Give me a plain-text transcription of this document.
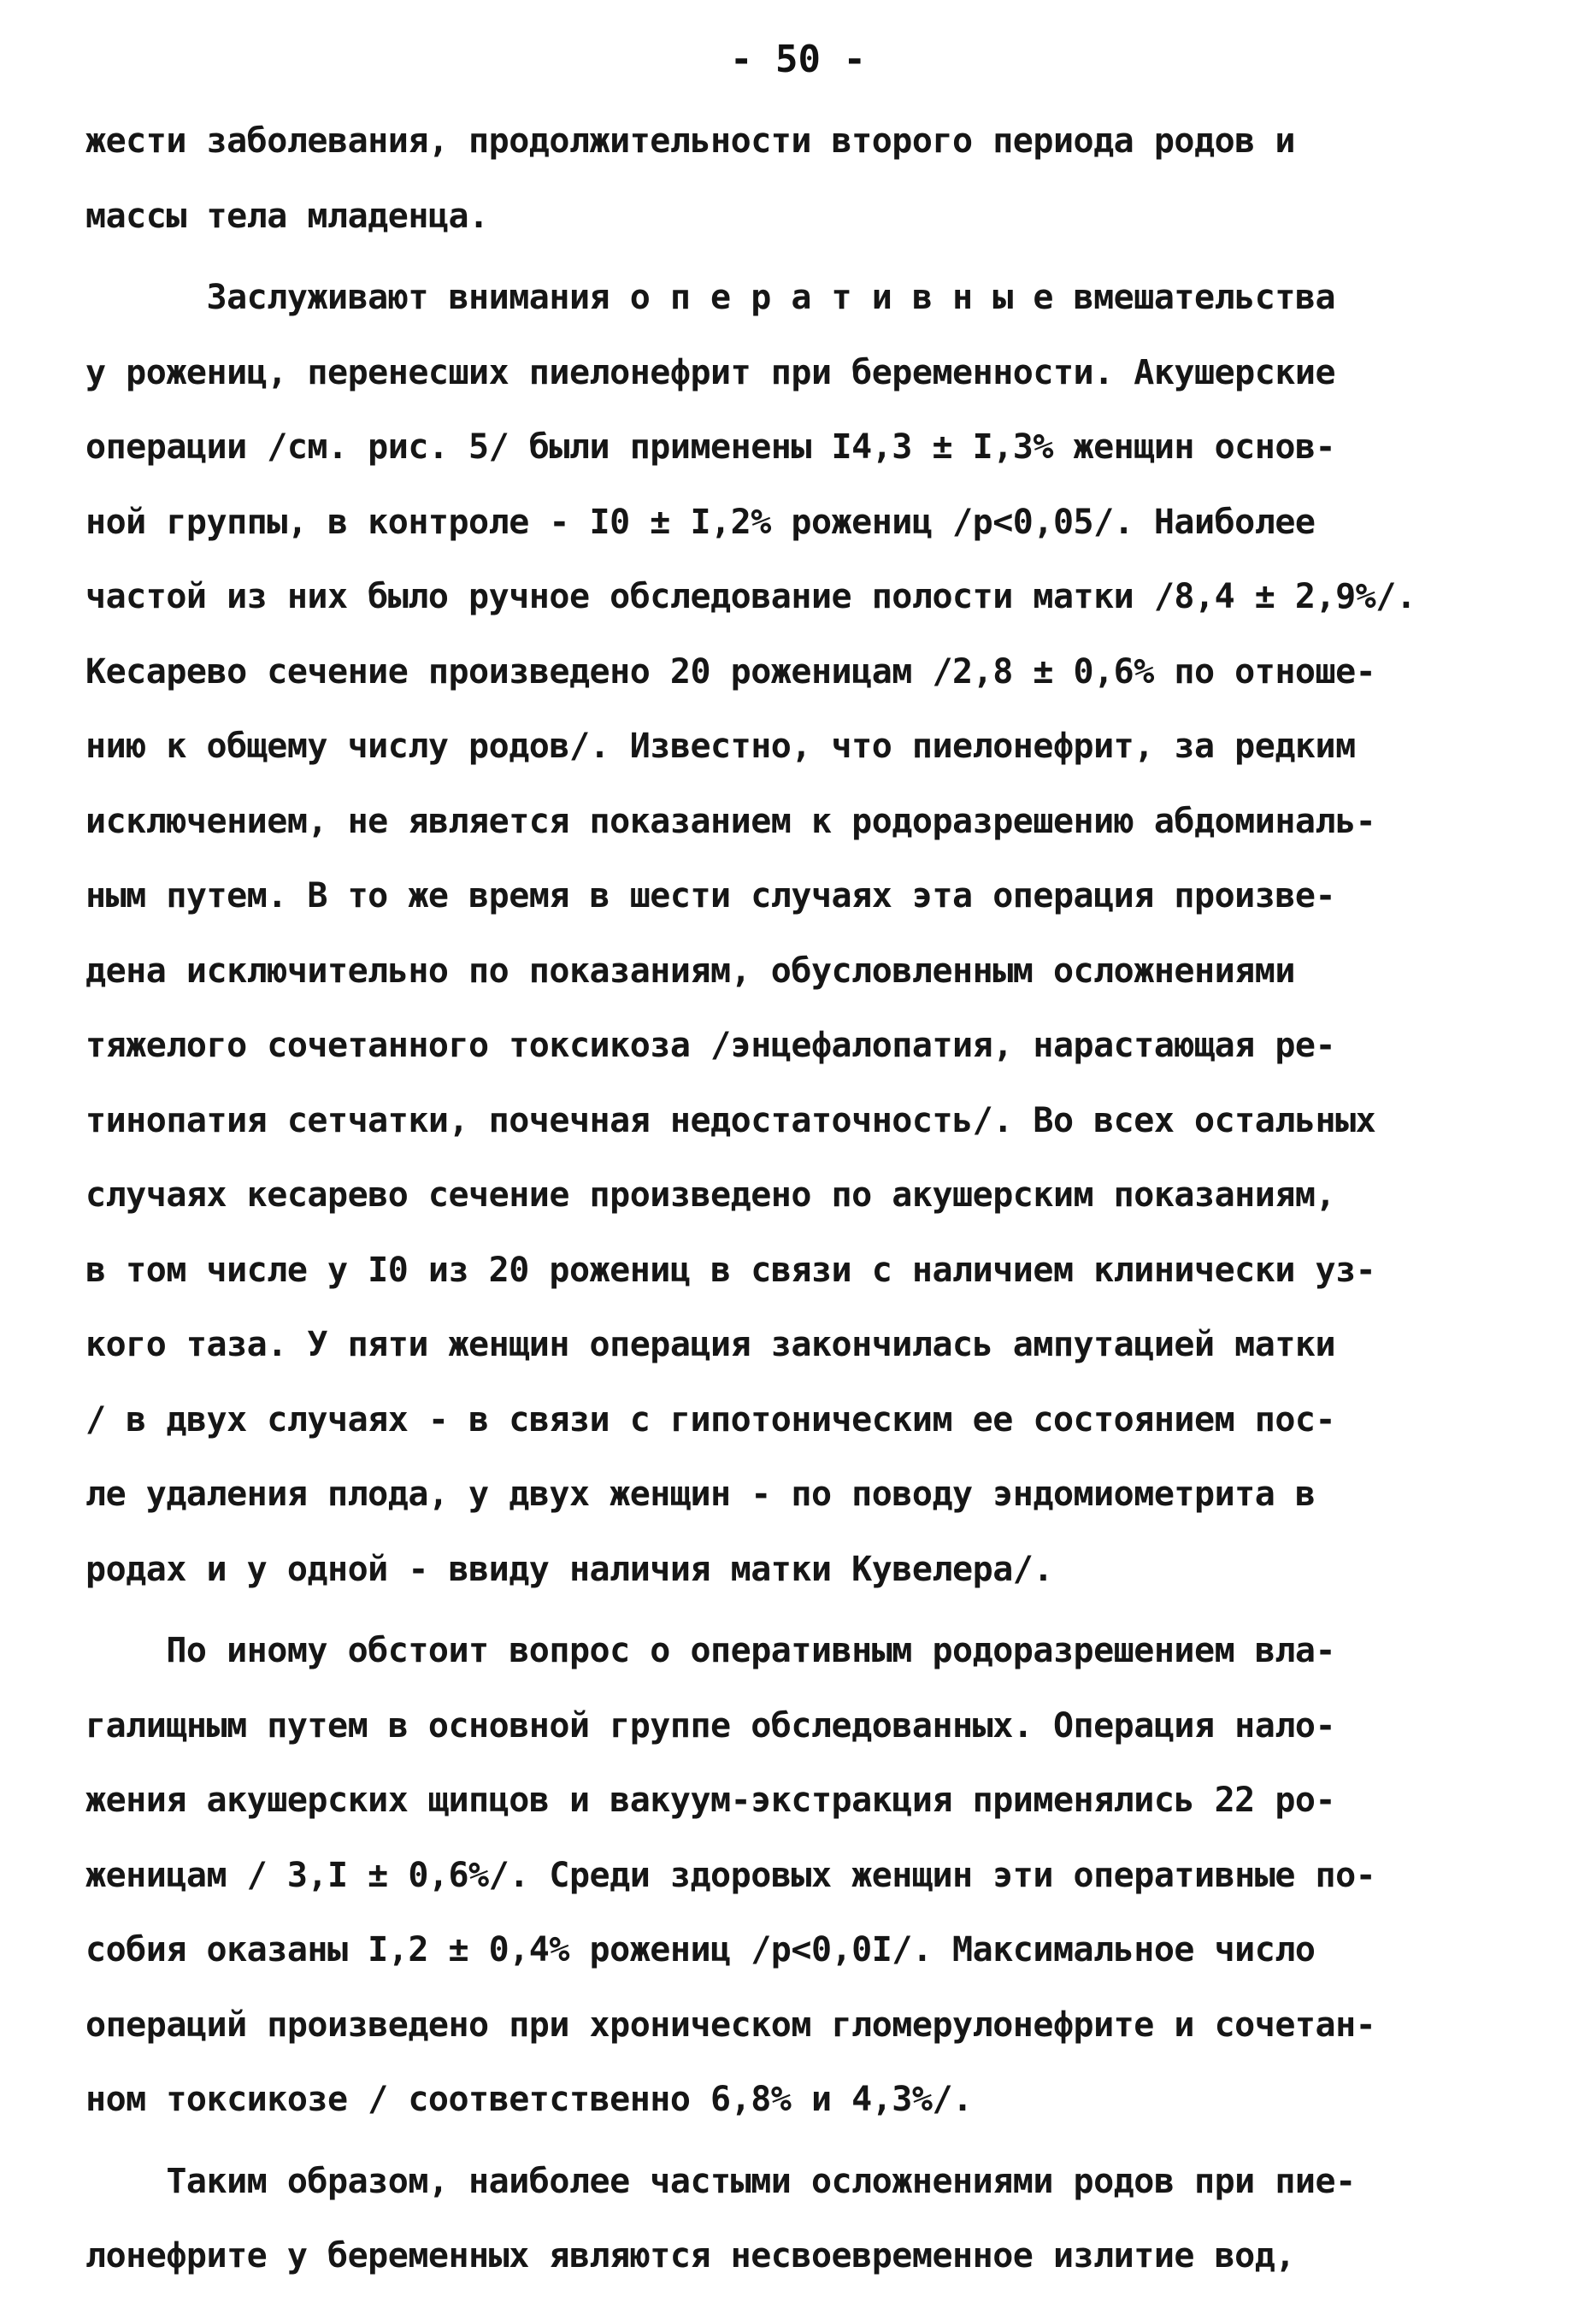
- 50 -
жести заболевания, продолжительности второго периода родов и
массы тела младенца.
Заслуживают внимания о п е р а т и в н ы е вмешательства
у рожениц, перенесших пиелонефрит при беременности. Акушерские
операции /см. рис. 5/ были применены I4,3 ± I,3% женщин основ-
ной группы, в контроле - I0 ± I,2% рожениц /р<0,05/. Наиболее
частой из них было ручное обследование полости матки /8,4 ± 2,9%/.
Кесарево сечение произведено 20 роженицам /2,8 ± 0,6% по отноше-
нию к общему числу родов/. Известно, что пиелонефрит, за редким
исключением, не является показанием к родоразрешению абдоминаль-
ным путем. В то же время в шести случаях эта операция произве-
дена исключительно по показаниям, обусловленным осложнениями
тяжелого сочетанного токсикоза /энцефалопатия, нарастающая ре-
тинопатия сетчатки, почечная недостаточность/. Во всех остальных
случаях кесарево сечение произведено по акушерским показаниям,
в том числе у I0 из 20 рожениц в связи с наличием клинически уз-
кого таза. У пяти женщин операция закончилась ампутацией матки
/ в двух случаях - в связи с гипотоническим ее состоянием пос-
ле удаления плода, у двух женщин - по поводу эндомиометрита в
родах и у одной - ввиду наличия матки Кувелера/.
По иному обстоит вопрос о оперативным родоразрешением вла-
галищным путем в основной группе обследованных. Операция нало-
жения акушерских щипцов и вакуум-экстракция применялись 22 ро-
женицам / 3,I ± 0,6%/. Среди здоровых женщин эти оперативные по-
собия оказаны I,2 ± 0,4% рожениц /р<0,0I/. Максимальное число
операций произведено при хроническом гломерулонефрите и сочетан-
ном токсикозе / соответственно 6,8% и 4,3%/.
Таким образом, наиболее частыми осложнениями родов при пие-
лонефрите у беременных являются несвоевременное излитие вод,
